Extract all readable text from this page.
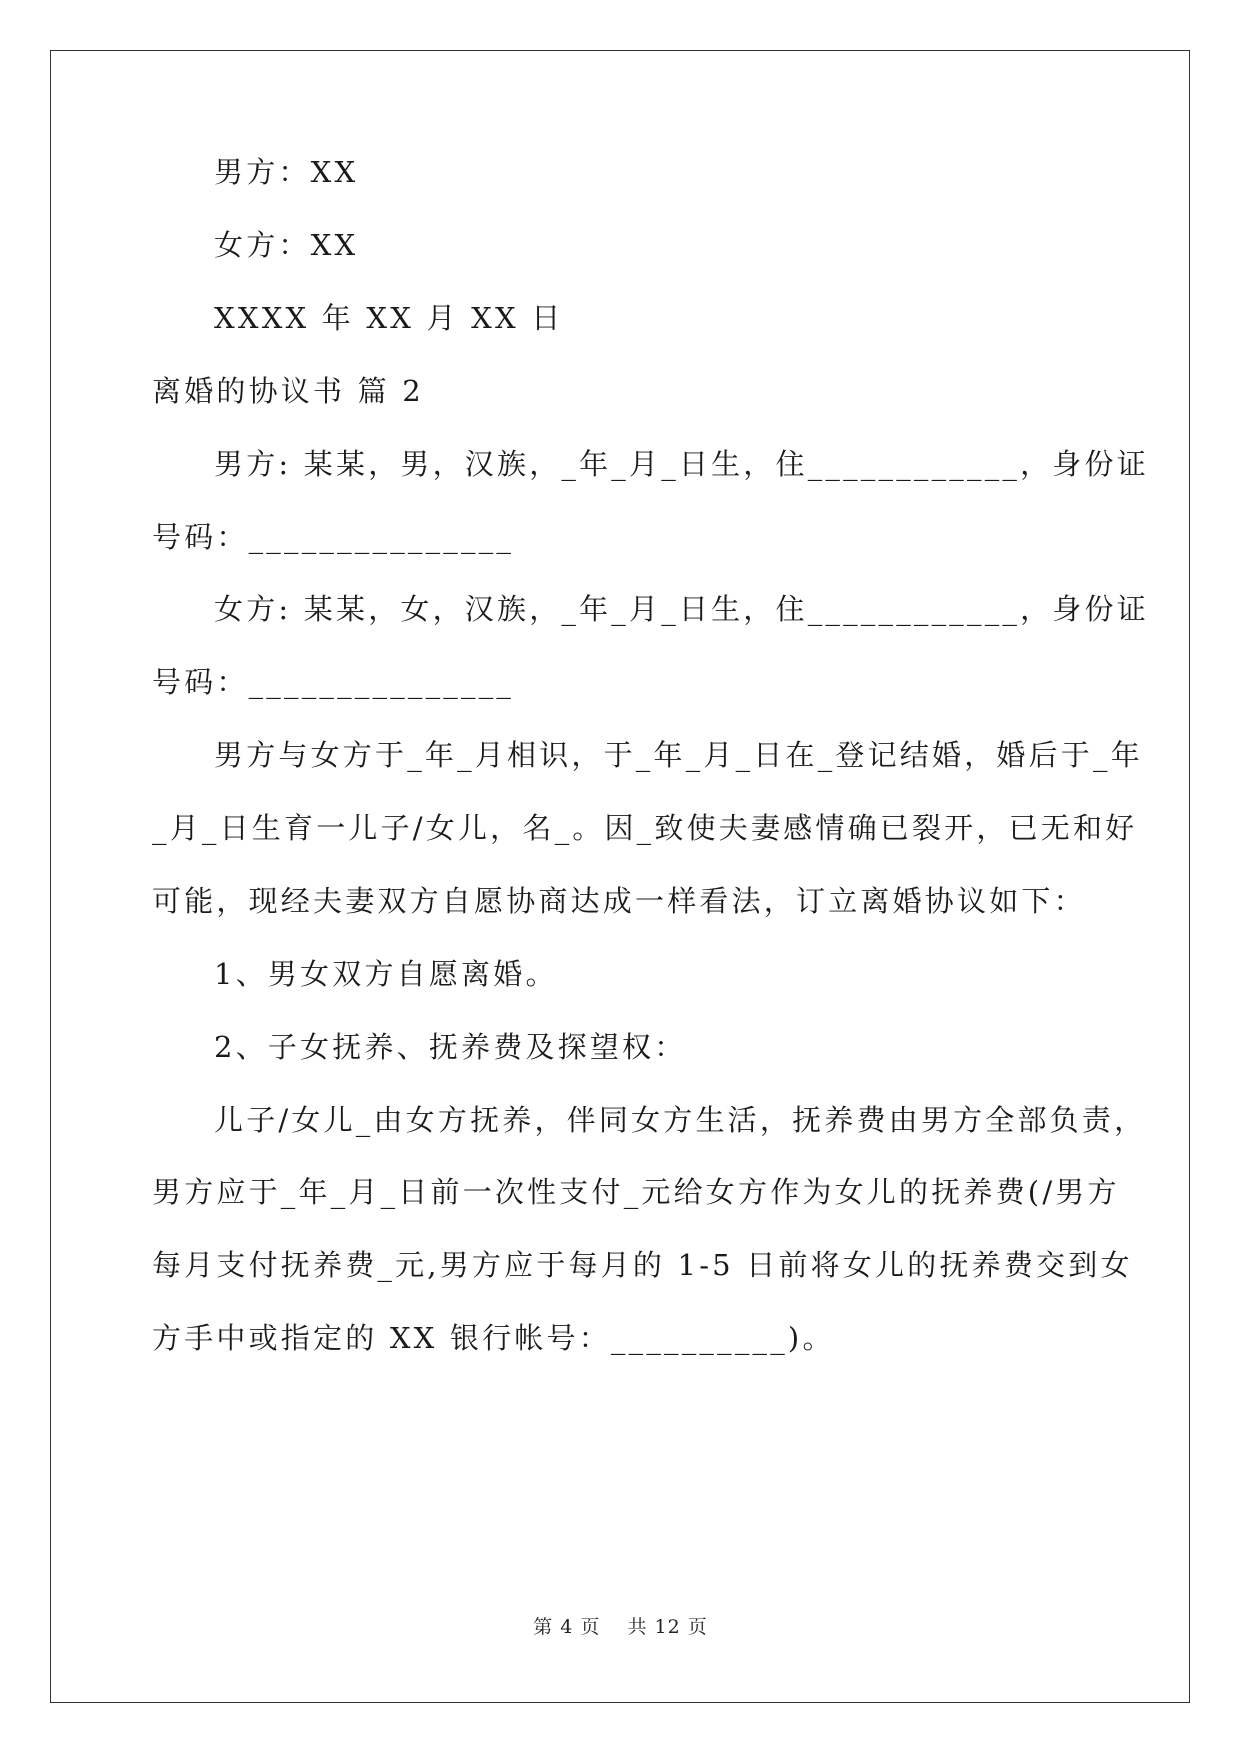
男方：XX
女方：XX
XXXX 年 XX 月 XX 日
离婚的协议书 篇 2
男方: 某某，男，汉族，_年_月_日生，住____________，身份证
号码：_______________
女方: 某某，女，汉族，_年_月_日生，住____________，身份证
号码：_______________
男方与女方于_年_月相识，于_年_月_日在_登记结婚，婚后于_年
_月_日生育一儿子/女儿，名_。因_致使夫妻感情确已裂开，已无和好
可能，现经夫妻双方自愿协商达成一样看法，订立离婚协议如下：
1、男女双方自愿离婚。
2、子女抚养、抚养费及探望权：
儿子/女儿_由女方抚养，伴同女方生活，抚养费由男方全部负责，
男方应于_年_月_日前一次性支付_元给女方作为女儿的抚养费(/男方
每月支付抚养费_元,男方应于每月的 1-5 日前将女儿的抚养费交到女
方手中或指定的 XX 银行帐号：__________)。
第 4 页　 共 12 页
